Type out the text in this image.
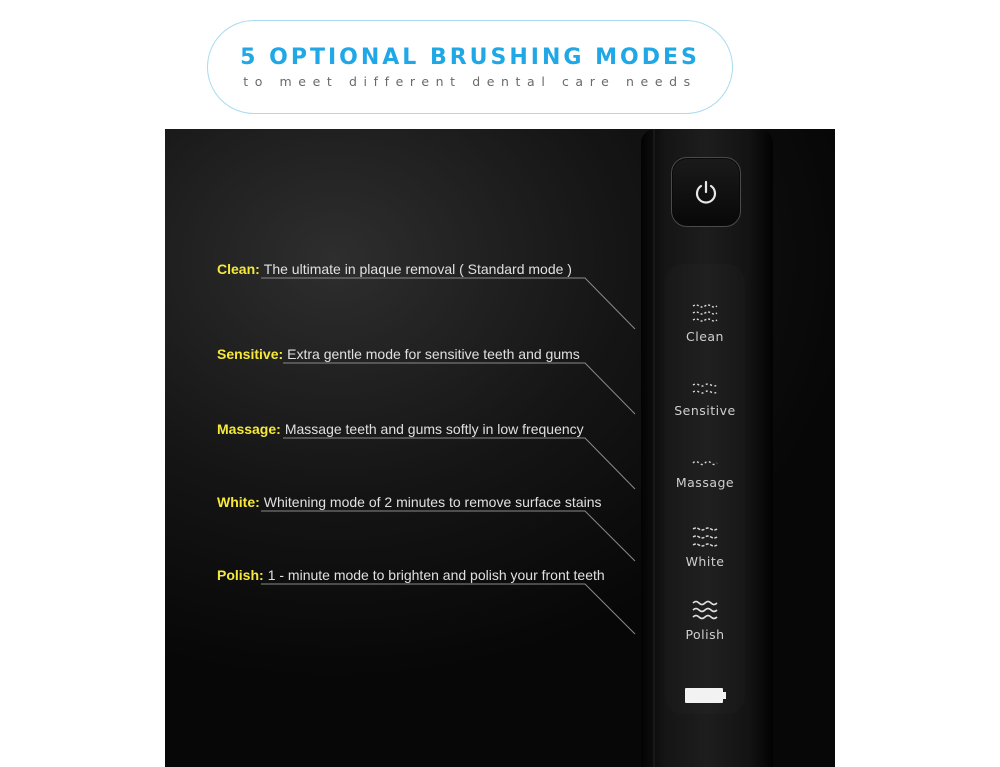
5 OPTIONAL BRUSHING MODES
to meet different dental care needs
Clean
Sensitive
Massage
White
Polish
Clean: The ultimate in plaque removal ( Standard mode )
Sensitive: Extra gentle mode for sensitive teeth and gums
Massage: Massage teeth and gums softly in low frequency
White: Whitening mode of 2 minutes to remove surface stains
Polish: 1 - minute mode to brighten and polish your front teeth
